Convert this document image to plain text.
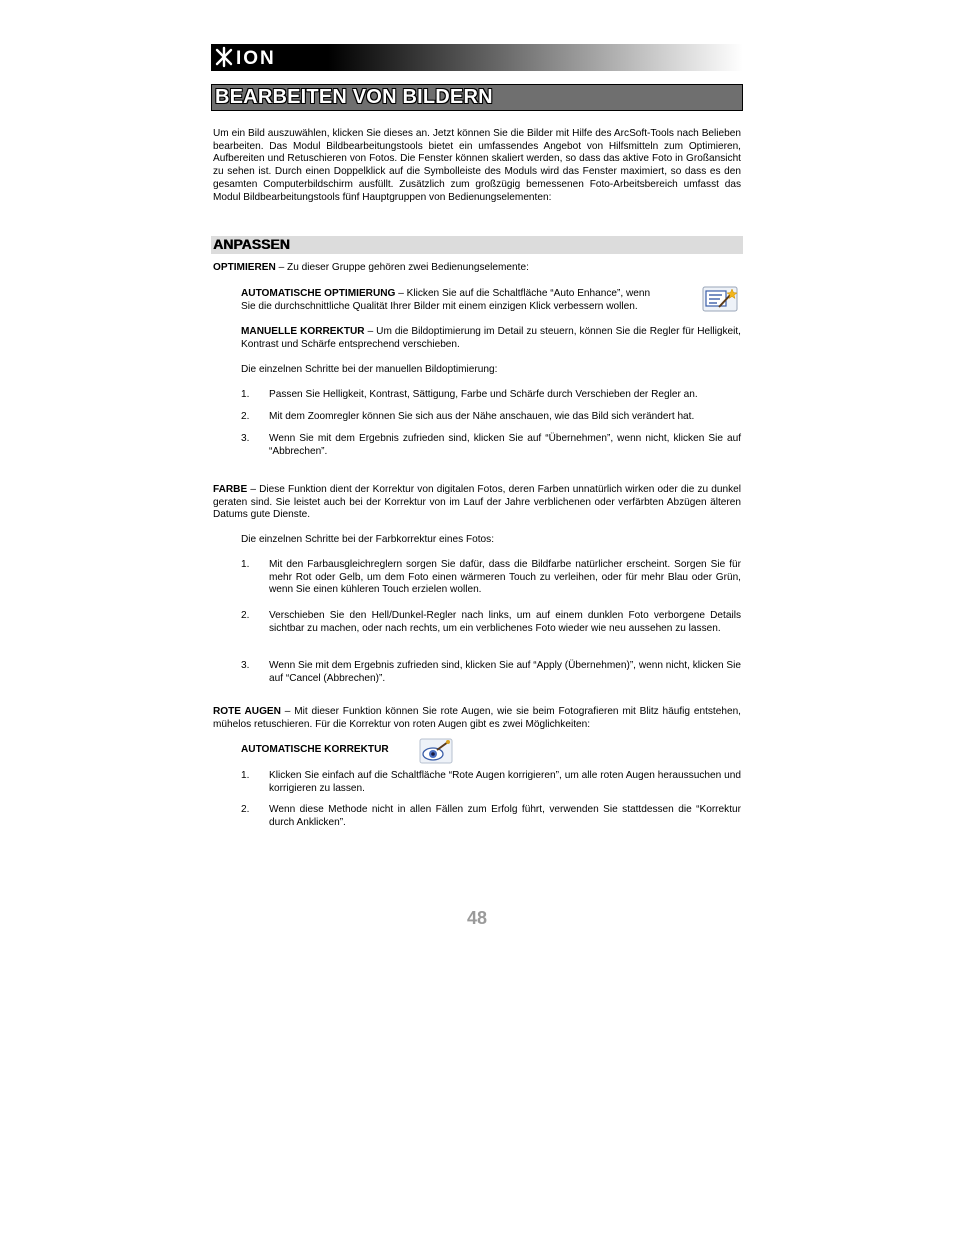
ION
BEARBEITEN VON BILDERN
Um ein Bild auszuwählen, klicken Sie dieses an. Jetzt können Sie die Bilder mit Hilfe des ArcSoft-Tools nach Belieben bearbeiten. Das Modul Bildbearbeitungstools bietet ein umfassendes Angebot von Hilfsmitteln zum Optimieren, Aufbereiten und Retuschieren von Fotos. Die Fenster können skaliert werden, so dass das aktive Foto in Großansicht zu sehen ist. Durch einen Doppelklick auf die Symbolleiste des Moduls wird das Fenster maximiert, so dass es den gesamten Computerbildschirm ausfüllt. Zusätzlich zum großzügig bemessenen Foto-Arbeitsbereich umfasst das Modul Bildbearbeitungstools fünf Hauptgruppen von Bedienungselementen:
ANPASSEN
OPTIMIEREN – Zu dieser Gruppe gehören zwei Bedienungselemente:
AUTOMATISCHE OPTIMIERUNG – Klicken Sie auf die Schaltfläche “Auto Enhance”, wenn
Sie die durchschnittliche Qualität Ihrer Bilder mit einem einzigen Klick verbessern wollen.
MANUELLE KORREKTUR – Um die Bildoptimierung im Detail zu steuern, können Sie die Regler für Helligkeit, Kontrast und Schärfe entsprechend verschieben.
Die einzelnen Schritte bei der manuellen Bildoptimierung:
1. Passen Sie Helligkeit, Kontrast, Sättigung, Farbe und Schärfe durch Verschieben der Regler an.
2. Mit dem Zoomregler können Sie sich aus der Nähe anschauen, wie das Bild sich verändert hat.
3. Wenn Sie mit dem Ergebnis zufrieden sind, klicken Sie auf “Übernehmen”, wenn nicht, klicken Sie auf “Abbrechen”.
FARBE – Diese Funktion dient der Korrektur von digitalen Fotos, deren Farben unnatürlich wirken oder die zu dunkel geraten sind. Sie leistet auch bei der Korrektur von im Lauf der Jahre verblichenen oder verfärbten Abzügen älteren Datums gute Dienste.
Die einzelnen Schritte bei der Farbkorrektur eines Fotos:
1. Mit den Farbausgleichreglern sorgen Sie dafür, dass die Bildfarbe natürlicher erscheint. Sorgen Sie für mehr Rot oder Gelb, um dem Foto einen wärmeren Touch zu verleihen, oder für mehr Blau oder Grün, wenn Sie einen kühleren Touch erzielen wollen.
2. Verschieben Sie den Hell/Dunkel-Regler nach links, um auf einem dunklen Foto verborgene Details sichtbar zu machen, oder nach rechts, um ein verblichenes Foto wieder wie neu aussehen zu lassen.
3. Wenn Sie mit dem Ergebnis zufrieden sind, klicken Sie auf “Apply (Übernehmen)”, wenn nicht, klicken Sie auf “Cancel (Abbrechen)”.
ROTE AUGEN – Mit dieser Funktion können Sie rote Augen, wie sie beim Fotografieren mit Blitz häufig entstehen, mühelos retuschieren. Für die Korrektur von roten Augen gibt es zwei Möglichkeiten:
AUTOMATISCHE KORREKTUR
1. Klicken Sie einfach auf die Schaltfläche “Rote Augen korrigieren”, um alle roten Augen heraussuchen und korrigieren zu lassen.
2. Wenn diese Methode nicht in allen Fällen zum Erfolg führt, verwenden Sie stattdessen die “Korrektur durch Anklicken”.
48
